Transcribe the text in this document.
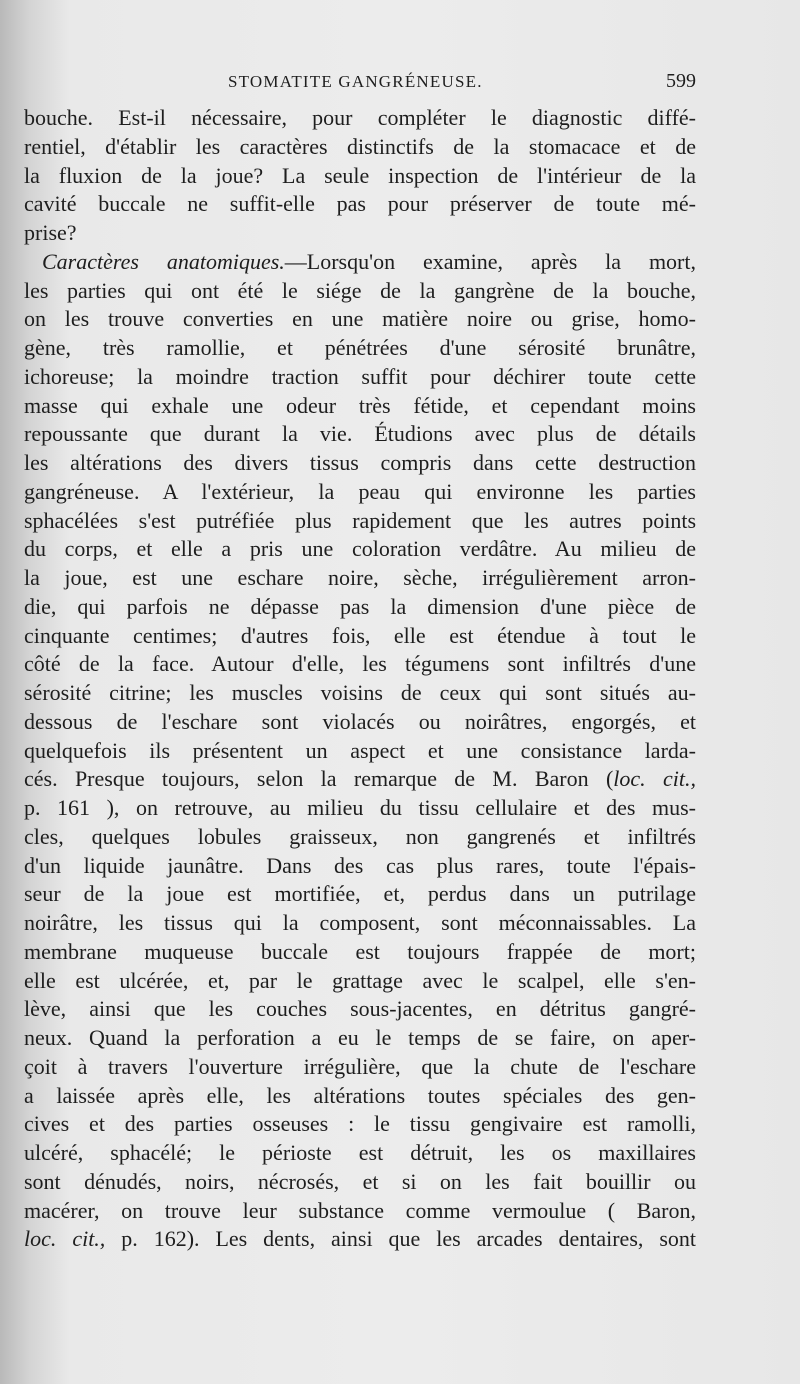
STOMATITE GANGRÉNEUSE.	599
bouche. Est-il nécessaire, pour compléter le diagnostic diffé-
rentiel, d'établir les caractères distinctifs de la stomacace et de
la fluxion de la joue? La seule inspection de l'intérieur de la
cavité buccale ne suffit-elle pas pour préserver de toute mé-
prise?
Caractères anatomiques.—Lorsqu'on examine, après la mort,
les parties qui ont été le siége de la gangrène de la bouche,
on les trouve converties en une matière noire ou grise, homo-
gène, très ramollie, et pénétrées d'une sérosité brunâtre,
ichoreuse; la moindre traction suffit pour déchirer toute cette
masse qui exhale une odeur très fétide, et cependant moins
repoussante que durant la vie. Étudions avec plus de détails
les altérations des divers tissus compris dans cette destruction
gangréneuse. A l'extérieur, la peau qui environne les parties
sphacélées s'est putréfiée plus rapidement que les autres points
du corps, et elle a pris une coloration verdâtre. Au milieu de
la joue, est une eschare noire, sèche, irrégulièrement arron-
die, qui parfois ne dépasse pas la dimension d'une pièce de
cinquante centimes; d'autres fois, elle est étendue à tout le
côté de la face. Autour d'elle, les tégumens sont infiltrés d'une
sérosité citrine; les muscles voisins de ceux qui sont situés au-
dessous de l'eschare sont violacés ou noirâtres, engorgés, et
quelquefois ils présentent un aspect et une consistance larda-
cés. Presque toujours, selon la remarque de M. Baron (loc. cit.,
p. 161 ), on retrouve, au milieu du tissu cellulaire et des mus-
cles, quelques lobules graisseux, non gangrenés et infiltrés
d'un liquide jaunâtre. Dans des cas plus rares, toute l'épais-
seur de la joue est mortifiée, et, perdus dans un putrilage
noirâtre, les tissus qui la composent, sont méconnaissables. La
membrane muqueuse buccale est toujours frappée de mort;
elle est ulcérée, et, par le grattage avec le scalpel, elle s'en-
lève, ainsi que les couches sous-jacentes, en détritus gangré-
neux. Quand la perforation a eu le temps de se faire, on aper-
çoit à travers l'ouverture irrégulière, que la chute de l'eschare
a laissée après elle, les altérations toutes spéciales des gen-
cives et des parties osseuses : le tissu gengivaire est ramolli,
ulcéré, sphacélé; le périoste est détruit, les os maxillaires
sont dénudés, noirs, nécrosés, et si on les fait bouillir ou
macérer, on trouve leur substance comme vermoulue ( Baron,
loc. cit., p. 162). Les dents, ainsi que les arcades dentaires, sont
